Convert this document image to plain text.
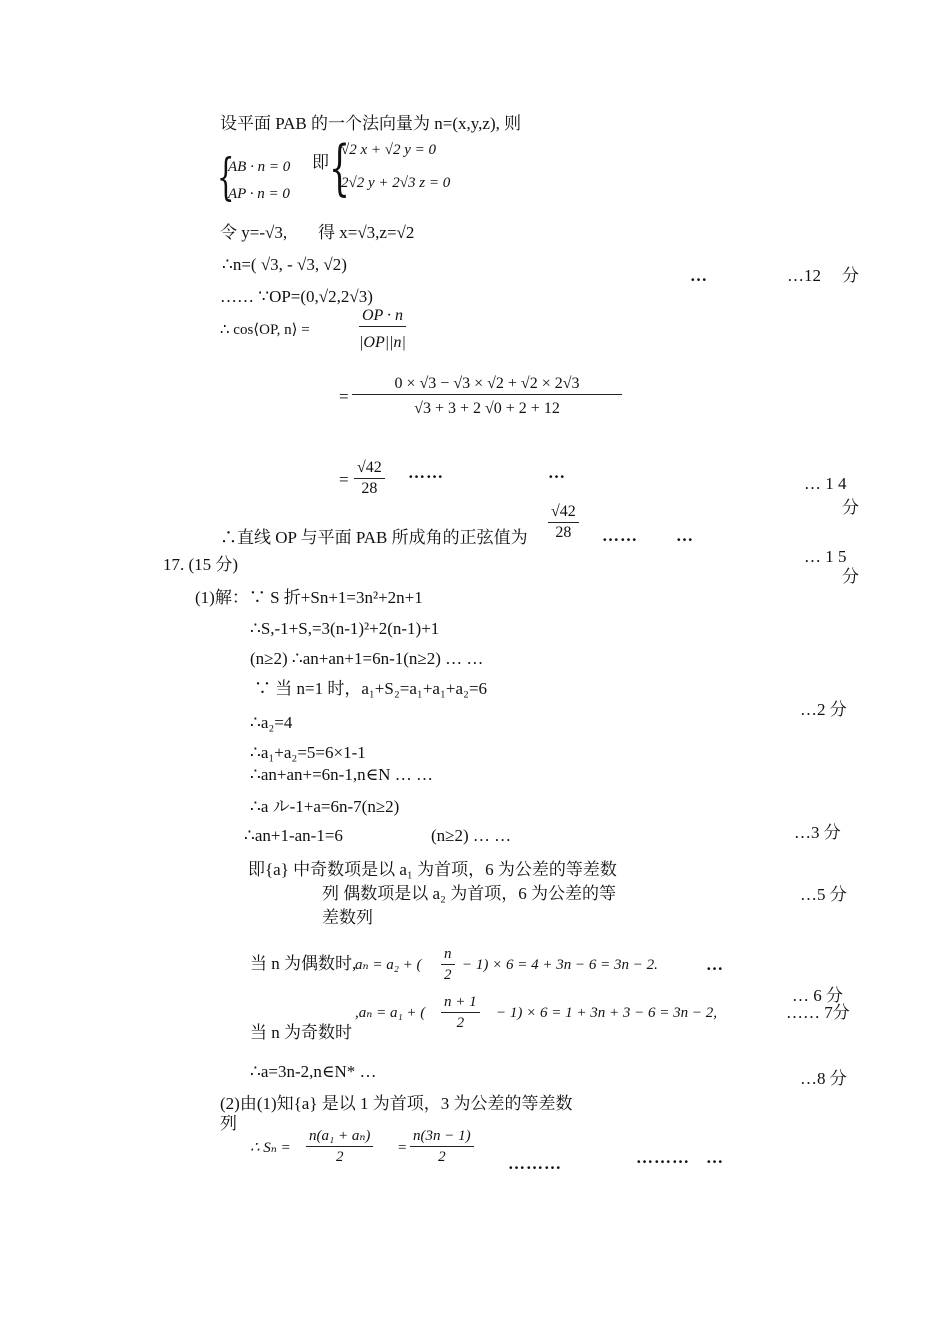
设平面 PAB 的一个法向量为 n=(x,y,z), 则
{
AB · n = 0
AP · n = 0
即 {
√2 x + √2 y = 0
2√2 y + 2√3 z = 0
令 y=-√3, 得 x=√3,z=√2
∴n=( √3, - √3, √2)
…	…12 分
…… ∵OP=(0,√2,2√3)
∴ cos⟨OP, n⟩ =	$\frac{OP \cdot n}{|OP||n|}$
= $\frac{0 \times √3 - √3 \times √2 + √2 \times 2√3}{√3 + 3 + 2 √0 + 2 + 12}$
= $\frac{√42}{28}$ ……	…
… 1 4
分
∴直线 OP 与平面 PAB 所成角的正弦值为 $\frac{√42}{28}$ …… …
… 1 5
分
17. (15 分)
(1)解：∵ S 折+Sn+1=3n²+2n+1
∴S,-1+S,=3(n-1)²+2(n-1)+1
(n≥2) ∴an+an+1=6n-1(n≥2) … …
∵ 当 n=1 时，a₁+S₂=a₁+a₁+a₂=6
…2 分
∴a₂=4
∴a₁+a₂=5=6×1-1
∴an+an+=6n-1,n∈N … …
∴a ル-1+a=6n-7(n≥2)
∴an+1-an-1=6	(n≥2) … …	…3 分
即{a} 中奇数项是以 a₁ 为首项，6 为公差的等差数
列 偶数项是以 a₂ 为首项，6 为公差的等
差数列
…5 分
当 n 为偶数时,
aₙ = a₂ + ( $\frac{n}{2} - 1) \times 6 = 4 + 3n - 6 = 3n - 2$.	…
… 6 分
,aₙ = a₁ + ( $\frac{n + 1}{2} - 1) \times 6 = 1 + 3n + 3 - 6 = 3n - 2$,	…… 7分
当 n 为奇数时
∴a=3n-2,n∈N* …	…8 分
(2)由(1)知{a} 是以 1 为首项，3 为公差的等差数
列
∴ $S_n = \frac{\text{n(a₁ + aₙ)}}{2} = \frac{n(3n - 1)}{2}$ ………	……… …
